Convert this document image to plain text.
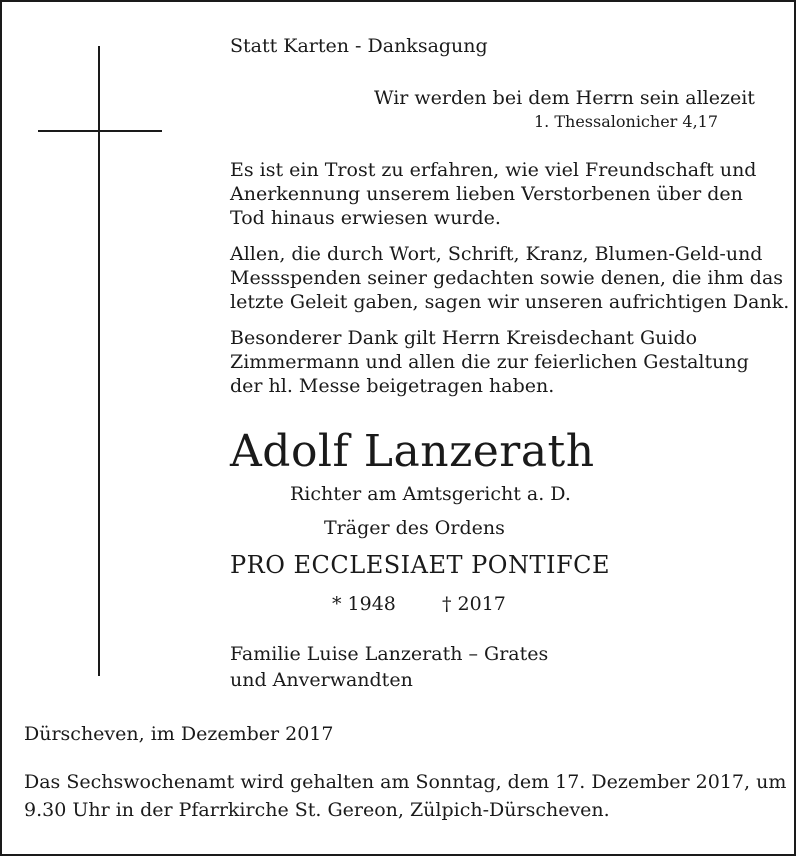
Statt Karten - Danksagung
Wir werden bei dem Herrn sein allezeit
1. Thessalonicher 4,17
Es ist ein Trost zu erfahren, wie viel Freundschaft und
Anerkennung unserem lieben Verstorbenen über den
Tod hinaus erwiesen wurde.
Allen, die durch Wort, Schrift, Kranz, Blumen-Geld-und
Messspenden seiner gedachten sowie denen, die ihm das
letzte Geleit gaben, sagen wir unseren aufrichtigen Dank.
Besonderer Dank gilt Herrn Kreisdechant Guido
Zimmermann und allen die zur feierlichen Gestaltung
der hl. Messe beigetragen haben.
Adolf Lanzerath
Richter am Amtsgericht a. D.
Träger des Ordens
PRO ECCLESIAET PONTIFCE
* 1948 † 2017
Familie Luise Lanzerath – Grates
und Anverwandten
Dürscheven, im Dezember 2017
Das Sechswochenamt wird gehalten am Sonntag, dem 17. Dezember 2017, um
9.30 Uhr in der Pfarrkirche St. Gereon, Zülpich-Dürscheven.
